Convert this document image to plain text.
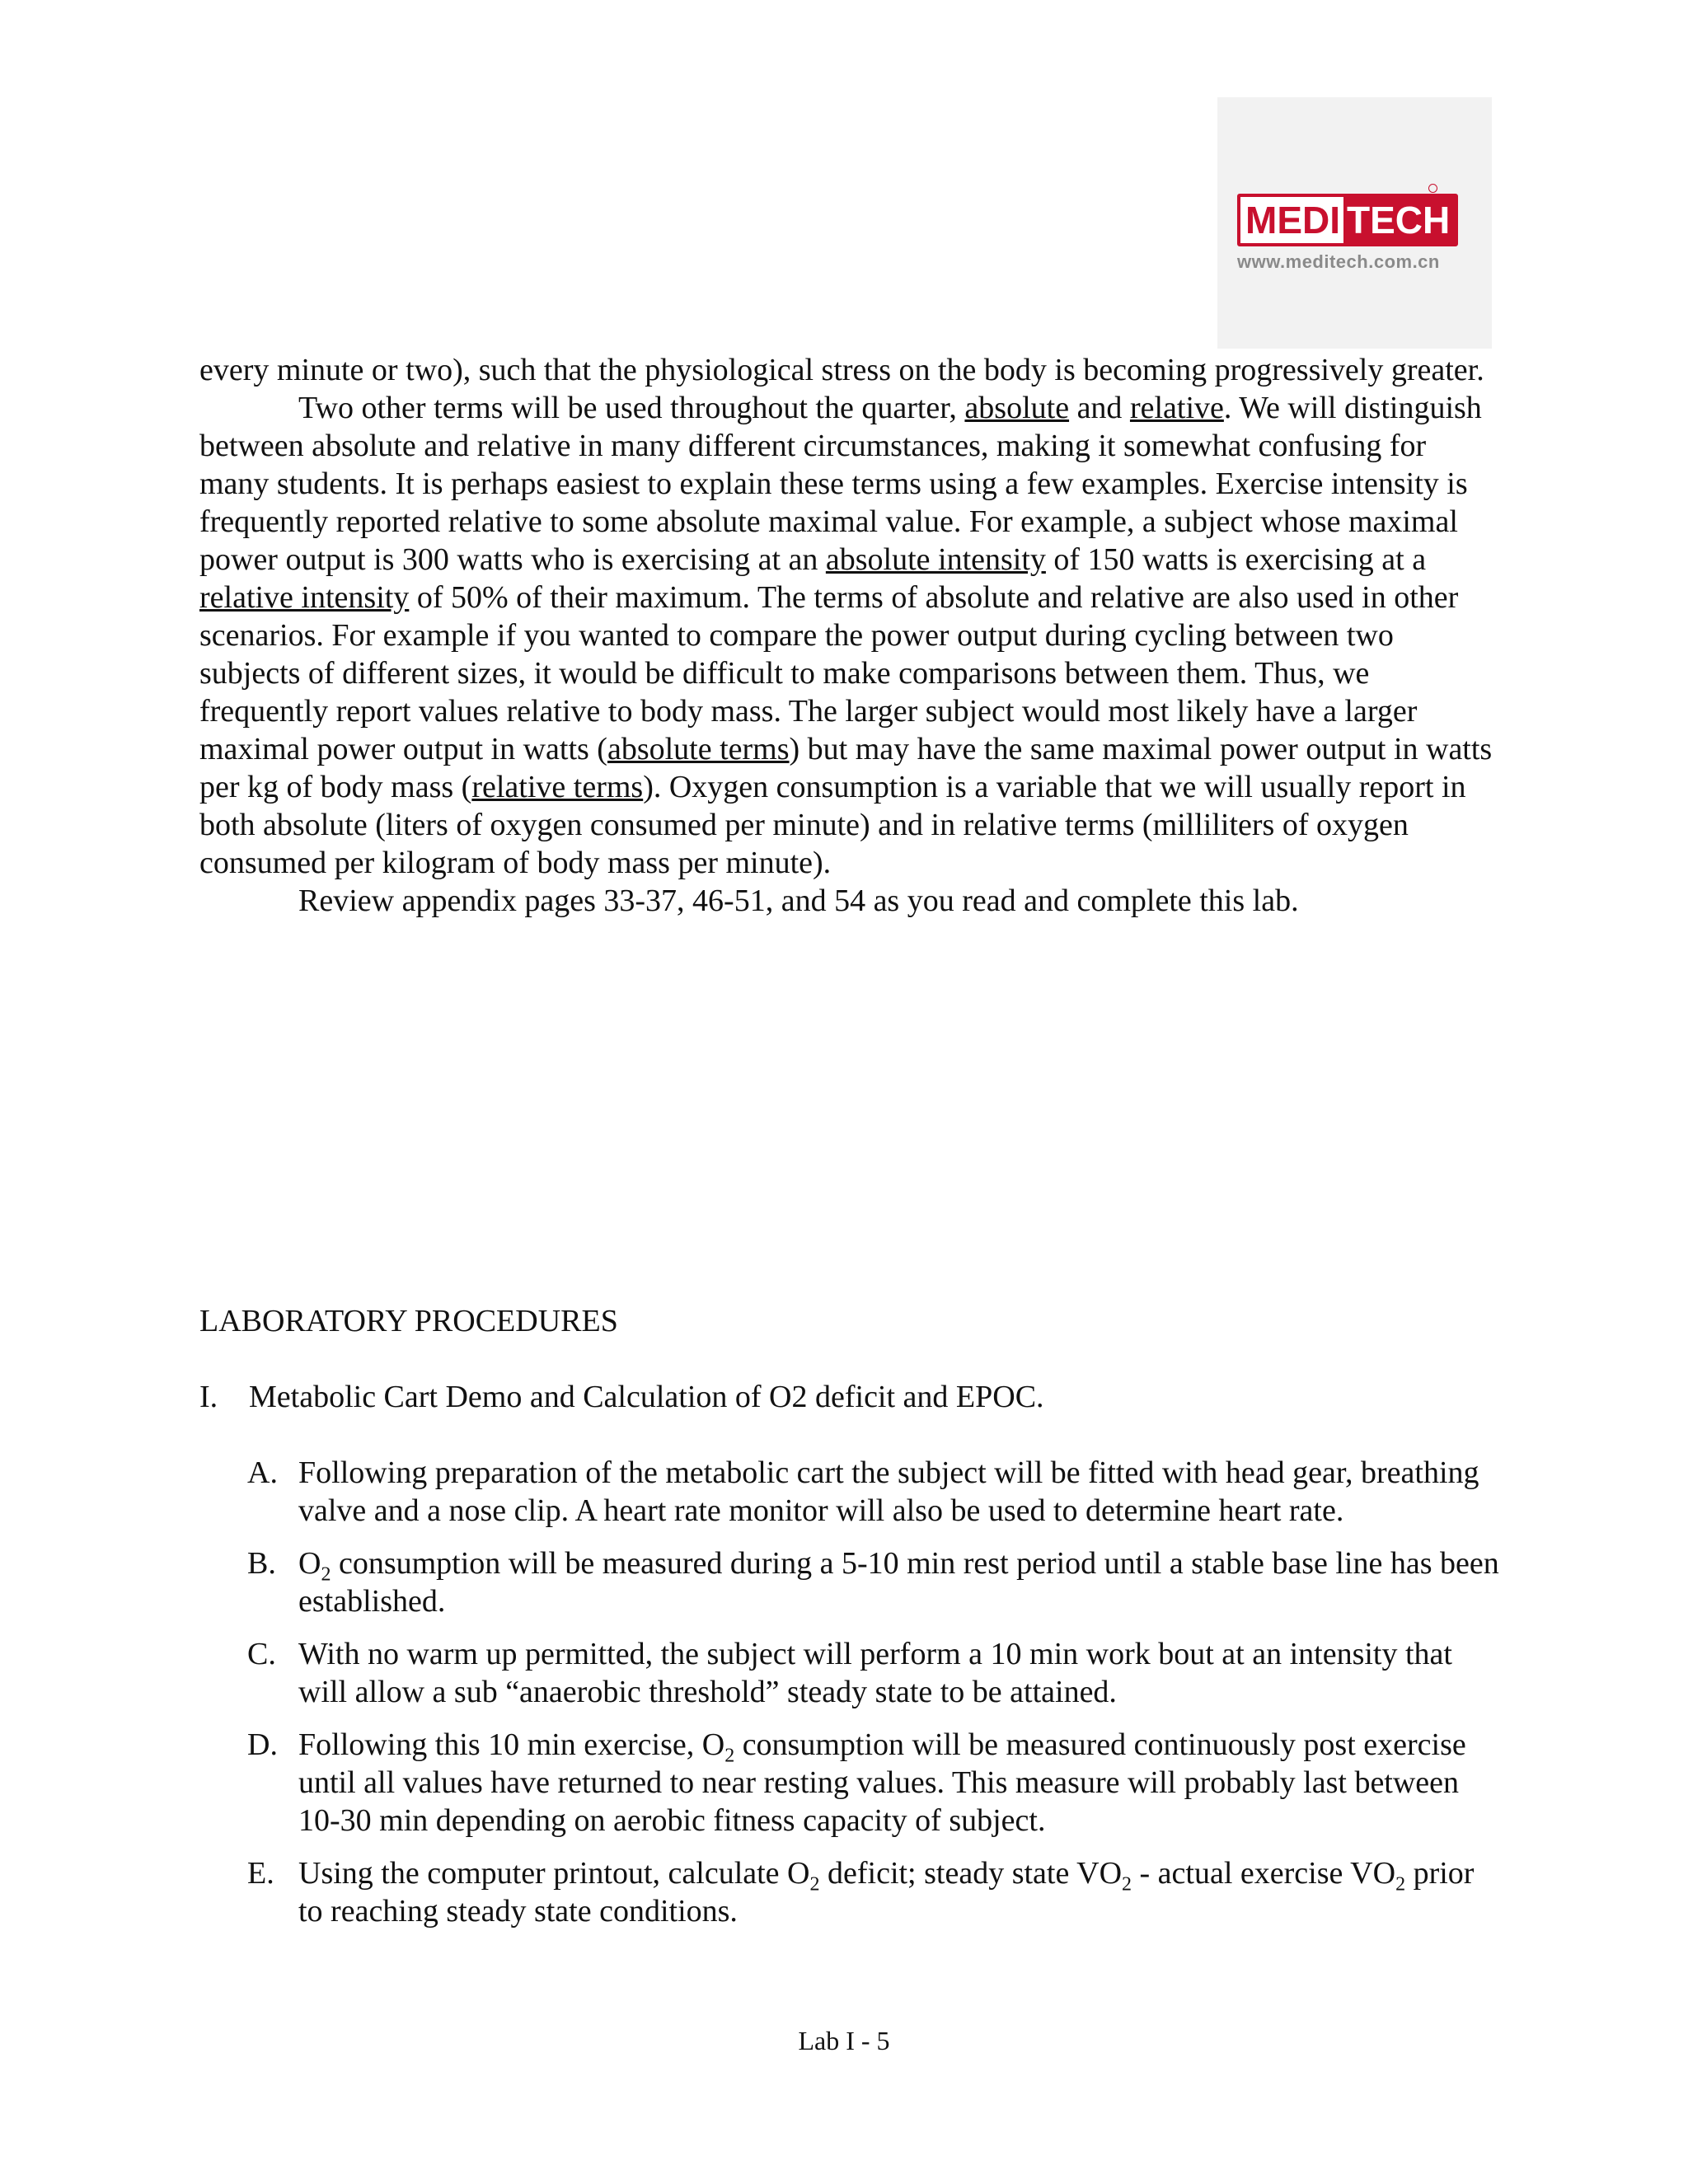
MEDI TECH
www.meditech.com.cn

every minute or two), such that the physiological stress on the body is becoming progressively greater.

Two other terms will be used throughout the quarter, absolute and relative. We will distinguish between absolute and relative in many different circumstances, making it somewhat confusing for many students. It is perhaps easiest to explain these terms using a few examples. Exercise intensity is frequently reported relative to some absolute maximal value. For example, a subject whose maximal power output is 300 watts who is exercising at an absolute intensity of 150 watts is exercising at a relative intensity of 50% of their maximum. The terms of absolute and relative are also used in other scenarios. For example if you wanted to compare the power output during cycling between two subjects of different sizes, it would be difficult to make comparisons between them. Thus, we frequently report values relative to body mass. The larger subject would most likely have a larger maximal power output in watts (absolute terms) but may have the same maximal power output in watts per kg of body mass (relative terms). Oxygen consumption is a variable that we will usually report in both absolute (liters of oxygen consumed per minute) and in relative terms (milliliters of oxygen consumed per kilogram of body mass per minute).

Review appendix pages 33-37, 46-51, and 54 as you read and complete this lab.

LABORATORY PROCEDURES
I. Metabolic Cart Demo and Calculation of O2 deficit and EPOC.
A. Following preparation of the metabolic cart the subject will be fitted with head gear, breathing valve and a nose clip. A heart rate monitor will also be used to determine heart rate.
B. $O_2$ consumption will be measured during a 5-10 min rest period until a stable base line has been established.
C. With no warm up permitted, the subject will perform a 10 min work bout at an intensity that will allow a sub “anaerobic threshold” steady state to be attained.
D. Following this 10 min exercise, $O_2$ consumption will be measured continuously post exercise until all values have returned to near resting values. This measure will probably last between 10-30 min depending on aerobic fitness capacity of subject.
E. Using the computer printout, calculate $O_2$ deficit; steady state $VO_2$ - actual exercise $VO_2$ prior to reaching steady state conditions.
Lab I - 5
